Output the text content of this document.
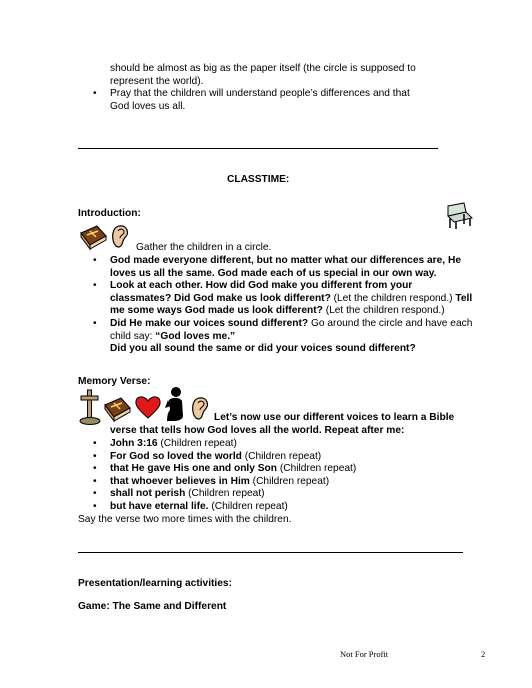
should be almost as big as the paper itself (the circle is supposed to
represent the world).
• Pray that the children will understand people’s differences and that
God loves us all.
CLASSTIME:
Introduction:
Gather the children in a circle.
• God made everyone different, but no matter what our differences are, He
loves us all the same. God made each of us special in our own way.
• Look at each other. How did God make you different from your
classmates? Did God make us look different? (Let the children respond.) Tell
me some ways God made us look different? (Let the children respond.)
• Did He make our voices sound different? Go around the circle and have each
child say: “God loves me.”
Did you all sound the same or did your voices sound different?
Memory Verse:
Let’s now use our different voices to learn a Bible
verse that tells how God loves all the world. Repeat after me:
• John 3:16 (Children repeat)
• For God so loved the world (Children repeat)
• that He gave His one and only Son (Children repeat)
• that whoever believes in Him (Children repeat)
• shall not perish (Children repeat)
• but have eternal life. (Children repeat)
Say the verse two more times with the children.
Presentation/learning activities:
Game: The Same and Different
Not For Profit	2
